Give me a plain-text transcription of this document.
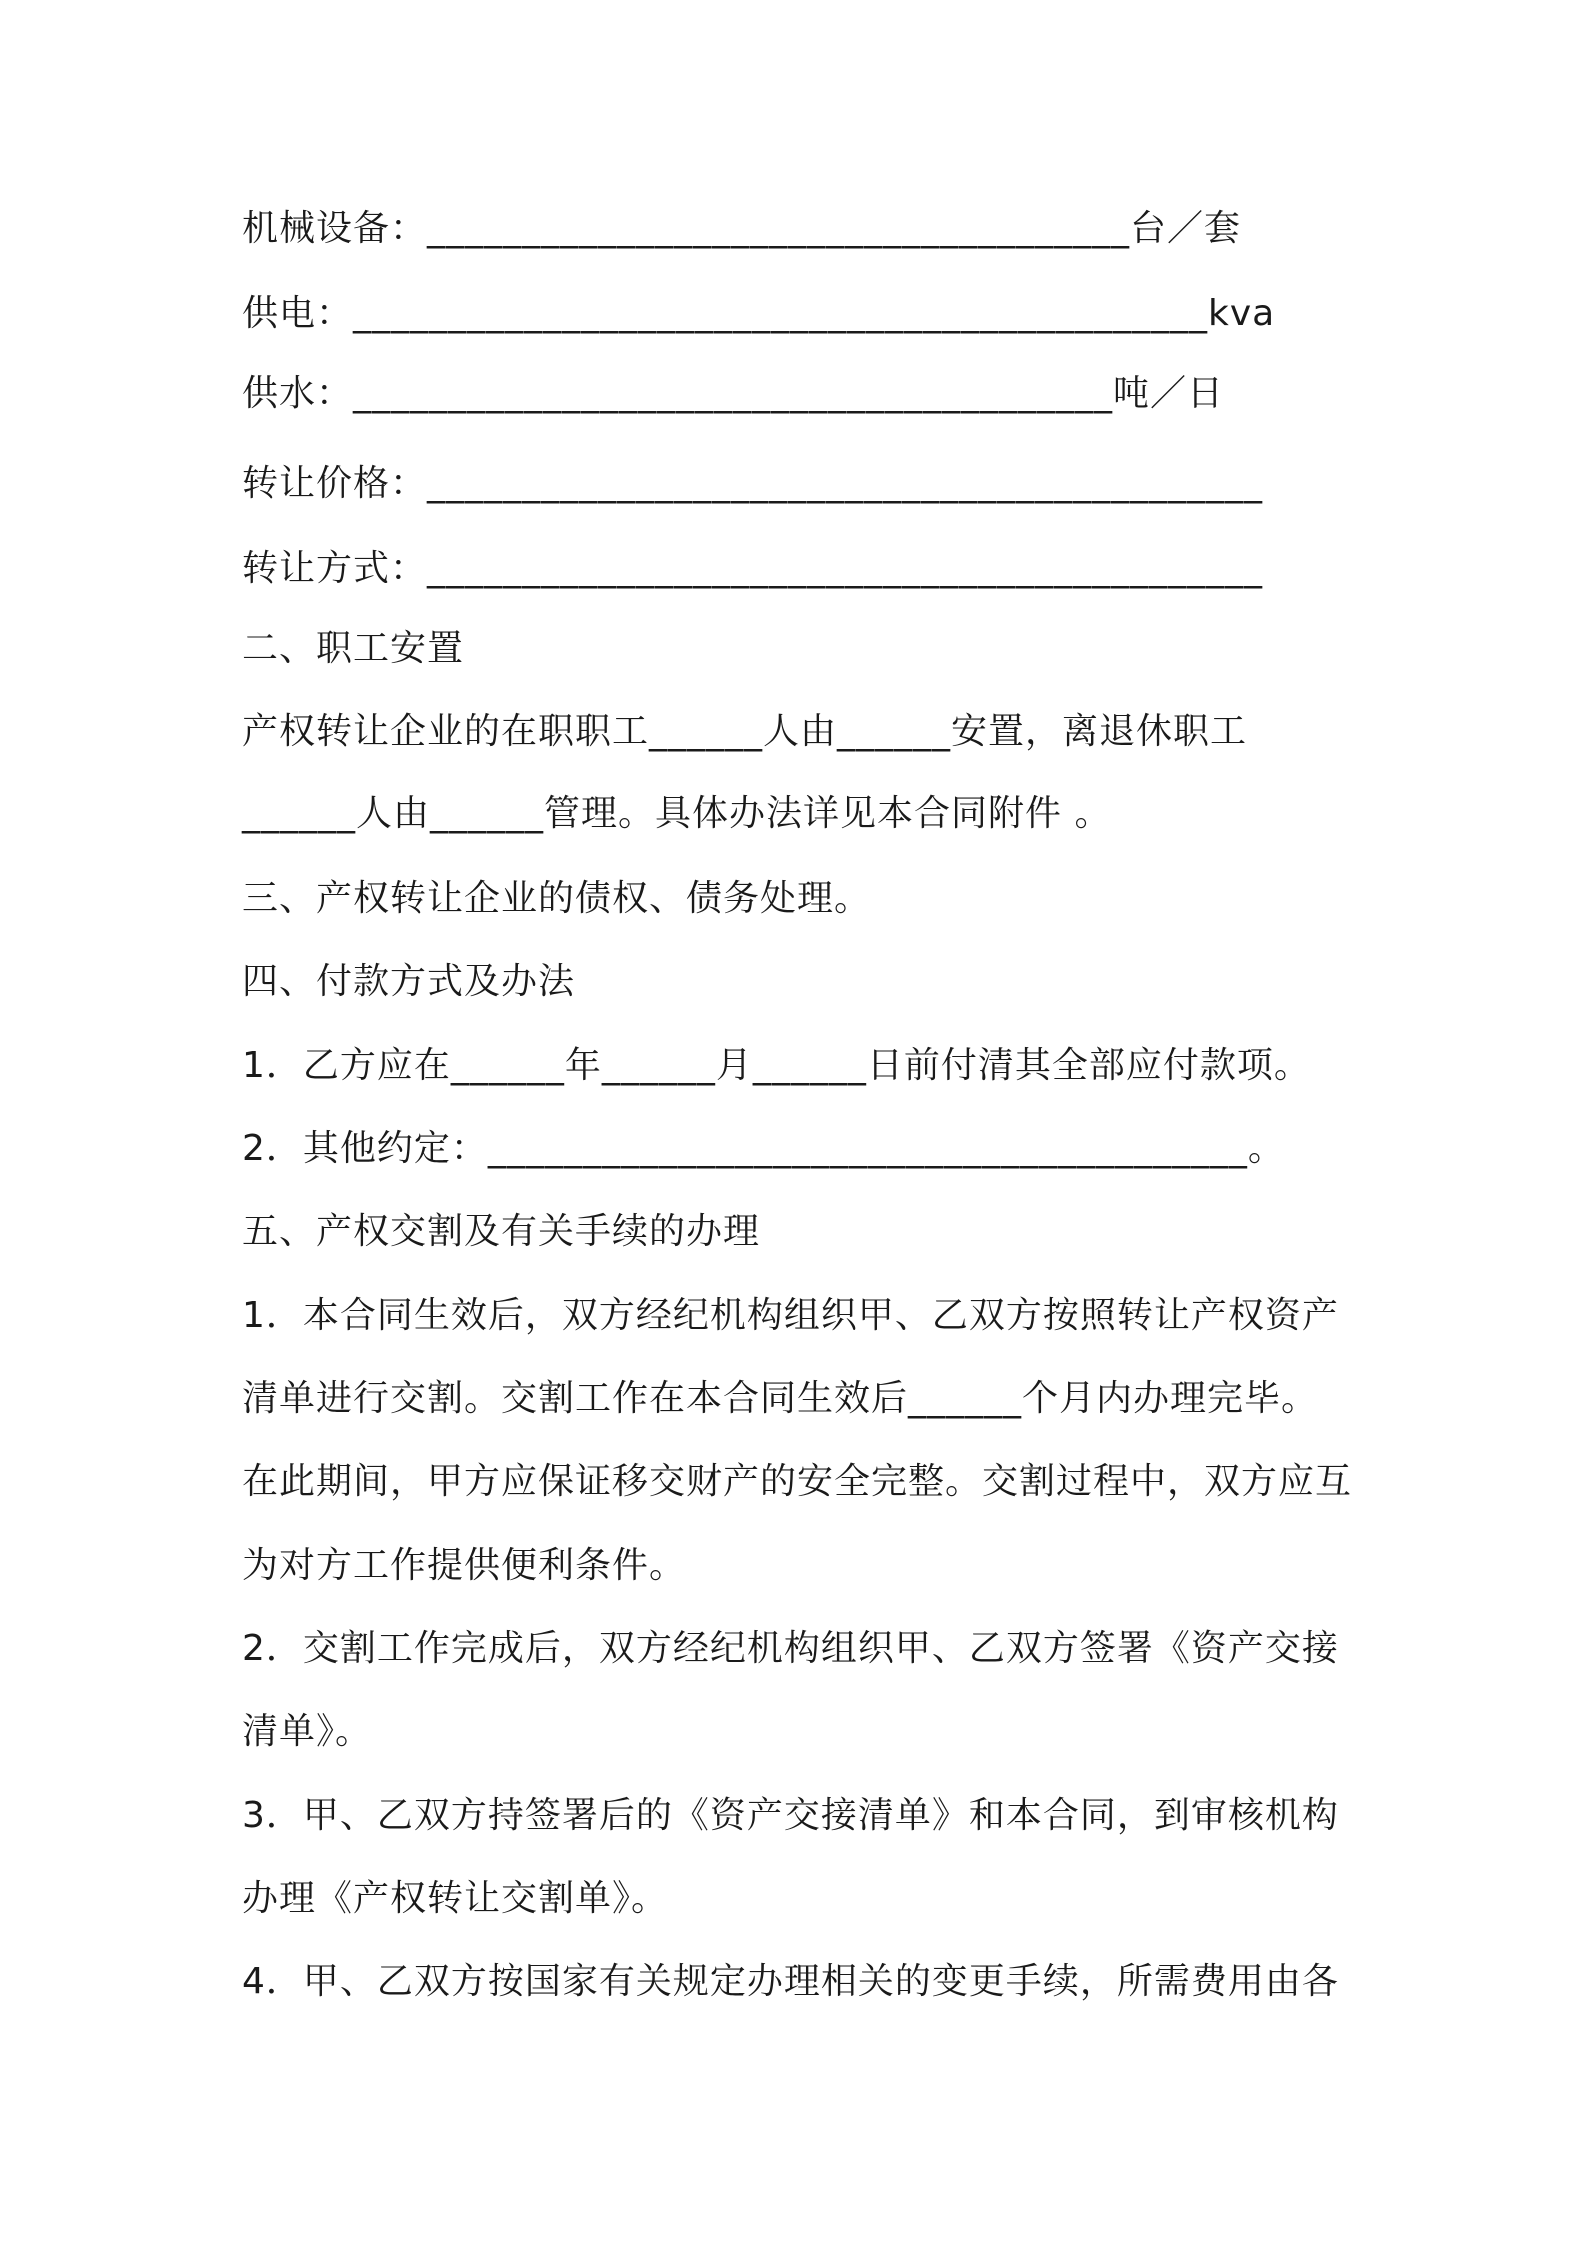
机械设备：_____________________________________台／套
供电：_____________________________________________kva
供水：________________________________________吨／日
转让价格：____________________________________________
转让方式：____________________________________________
二、职工安置
产权转让企业的在职职工______人由______安置，离退休职工
______人由______管理。具体办法详见本合同附件 。
三、产权转让企业的债权、债务处理。
四、付款方式及办法
1．乙方应在______年______月______日前付清其全部应付款项。
2．其他约定：________________________________________。
五、产权交割及有关手续的办理
1．本合同生效后，双方经纪机构组织甲、乙双方按照转让产权资产
清单进行交割。交割工作在本合同生效后______个月内办理完毕。
在此期间，甲方应保证移交财产的安全完整。交割过程中，双方应互
为对方工作提供便利条件。
2．交割工作完成后，双方经纪机构组织甲、乙双方签署《资产交接
清单》。
3．甲、乙双方持签署后的《资产交接清单》和本合同，到审核机构
办理《产权转让交割单》。
4．甲、乙双方按国家有关规定办理相关的变更手续，所需费用由各
